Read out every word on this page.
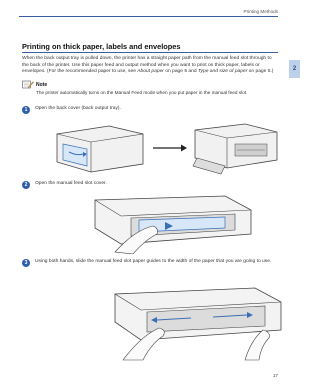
Printing Methods
2
Printing on thick paper, labels and envelopes
When the back output tray is pulled down, the printer has a straight paper path from the manual feed slot through to the back of the printer. Use this paper feed and output method when you want to print on thick paper, labels or envelopes. (For the recommended paper to use, see About paper on page 5 and Type and size of paper on page 5.)
Note
The printer automatically turns on the Manual Feed mode when you put paper in the manual feed slot.
1	Open the back cover (back output tray).
2	Open the manual feed slot cover.
3	Using both hands, slide the manual feed slot paper guides to the width of the paper that you are going to use.
17
